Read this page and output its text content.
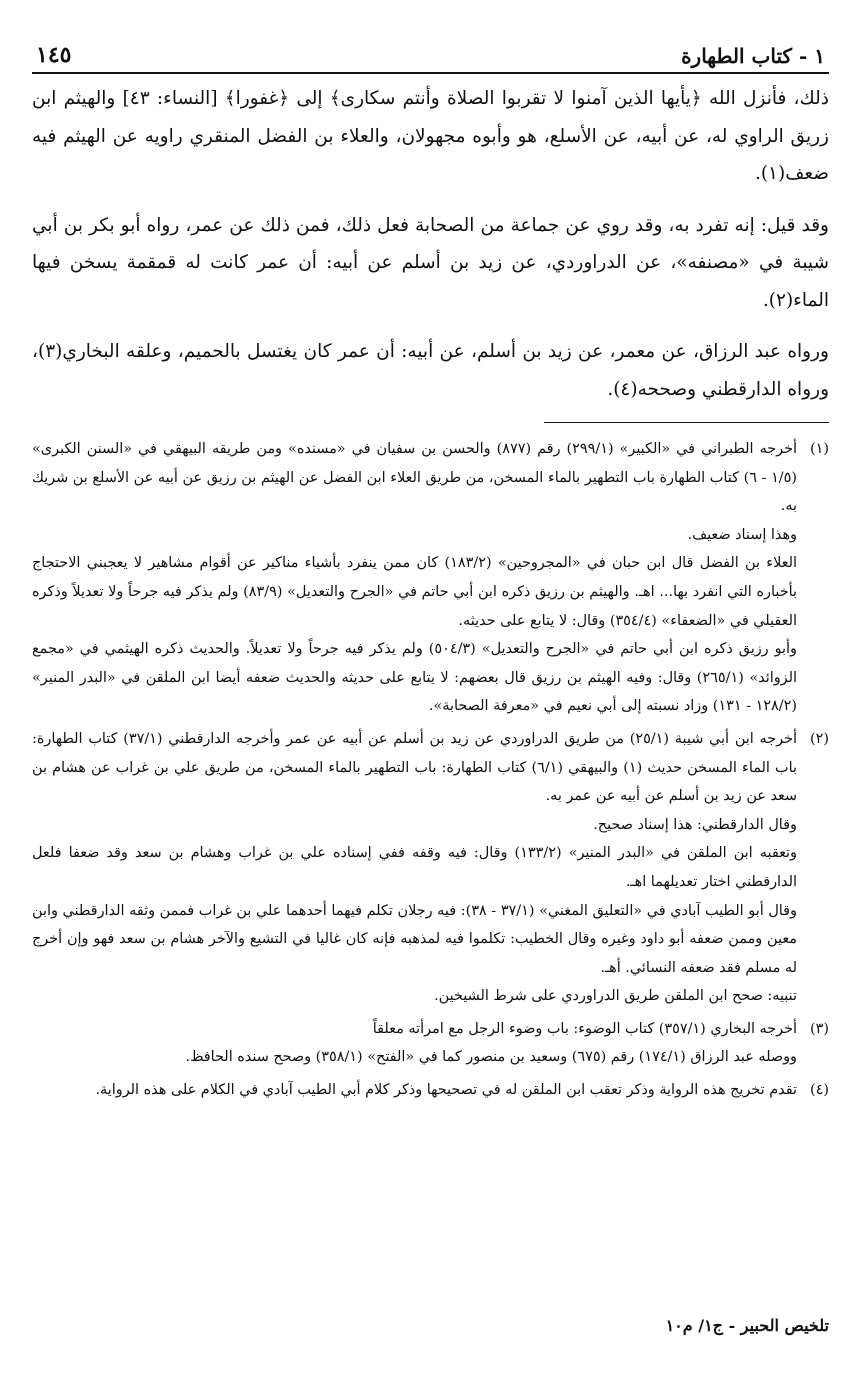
١ - كتاب الطهارة
١٤٥

ذلك، فأنزل الله ﴿يأيها الذين آمنوا لا تقربوا الصلاة وأنتم سكارى﴾ إلى ﴿غفورا﴾ [النساء: ٤٣] والهيثم ابن زريق الراوي له، عن أبيه، عن الأسلع، هو وأبوه مجهولان، والعلاء بن الفضل المنقري راويه عن الهيثم فيه ضعف(١).

وقد قيل: إنه تفرد به، وقد روي عن جماعة من الصحابة فعل ذلك، فمن ذلك عن عمر، رواه أبو بكر بن أبي شيبة في «مصنفه»، عن الدراوردي، عن زيد بن أسلم عن أبيه: أن عمر كانت له قمقمة يسخن فيها الماء(٢).

ورواه عبد الرزاق، عن معمر، عن زيد بن أسلم، عن أبيه: أن عمر كان يغتسل بالحميم، وعلقه البخاري(٣)، ورواه الدارقطني وصححه(٤).

(١)

أخرجه الطبراني في «الكبير» (٢٩٩/١) رقم (٨٧٧) والحسن بن سفيان في «مسنده» ومن طريقه البيهقي في «السنن الكبرى» (١/٥ - ٦) كتاب الطهارة باب التطهير بالماء المسخن، من طريق العلاء ابن الفضل عن الهيثم بن رزيق عن أبيه عن الأسلع بن شريك به.

وهذا إسناد ضعيف.

العلاء بن الفضل قال ابن حبان في «المجروحين» (١٨٣/٢) كان ممن ينفرد بأشياء مناكير عن أقوام مشاهير لا يعجبني الاحتجاج بأخباره التي انفرد بها... اهـ. والهيثم بن رزيق ذكره ابن أبي حاتم في «الجرح والتعديل» (٨٣/٩) ولم يذكر فيه جرحاً ولا تعديلاً وذكره العقيلي في «الضعفاء» (٣٥٤/٤) وقال: لا يتابع على حديثه.

وأبو رزيق ذكره ابن أبي حاتم في «الجرح والتعديل» (٥٠٤/٣) ولم يذكر فيه جرحاً ولا تعديلاً. والحديث ذكره الهيثمي في «مجمع الزوائد» (٢٦٥/١) وقال: وفيه الهيثم بن رزيق قال بعضهم: لا يتابع على حديثه والحديث ضعفه أيضا ابن الملقن في «البدر المنير» (١٢٨/٢ - ١٣١) وزاد نسبته إلى أبي نعيم في «معرفة الصحابة».

(٢)

أخرجه ابن أبي شيبة (٢٥/١) من طريق الدراوردي عن زيد بن أسلم عن أبيه عن عمر وأخرجه الدارقطني (٣٧/١) كتاب الطهارة: باب الماء المسخن حديث (١) والبيهقي (٦/١) كتاب الطهارة: باب التطهير بالماء المسخن، من طريق علي بن غراب عن هشام بن سعد عن زيد بن أسلم عن أبيه عن عمر به.

وقال الدارقطني: هذا إسناد صحيح.

وتعقبه ابن الملقن في «البدر المنير» (١٣٣/٢) وقال: فيه وقفه ففي إسناده علي بن غراب وهشام بن سعد وقد ضعفا فلعل الدارقطني اختار تعديلهما اهـ.

وقال أبو الطيب آبادي في «التعليق المغني» (٣٧/١ - ٣٨): فيه رجلان تكلم فيهما أحدهما علي بن غراب فممن وثقه الدارقطني وابن معين وممن ضعفه أبو داود وغيره وقال الخطيب: تكلموا فيه لمذهبه فإنه كان غاليا في التشيع والآخر هشام بن سعد فهو وإن أخرج له مسلم فقد ضعفه النسائي. أهـ.

تنبيه: صحح ابن الملقن طريق الدراوردي على شرط الشيخين.

(٣)

أخرجه البخاري (٣٥٧/١) كتاب الوضوء: باب وضوء الرجل مع امرأته معلقاً

ووصله عبد الرزاق (١٧٤/١) رقم (٦٧٥) وسعيد بن منصور كما في «الفتح» (٣٥٨/١) وصحح سنده الحافظ.

(٤)

تقدم تخريج هذه الرواية وذكر تعقب ابن الملقن له في تصحيحها وذكر كلام أبي الطيب آبادي في الكلام على هذه الرواية.

تلخيص الحبير - ج١/ م١٠
